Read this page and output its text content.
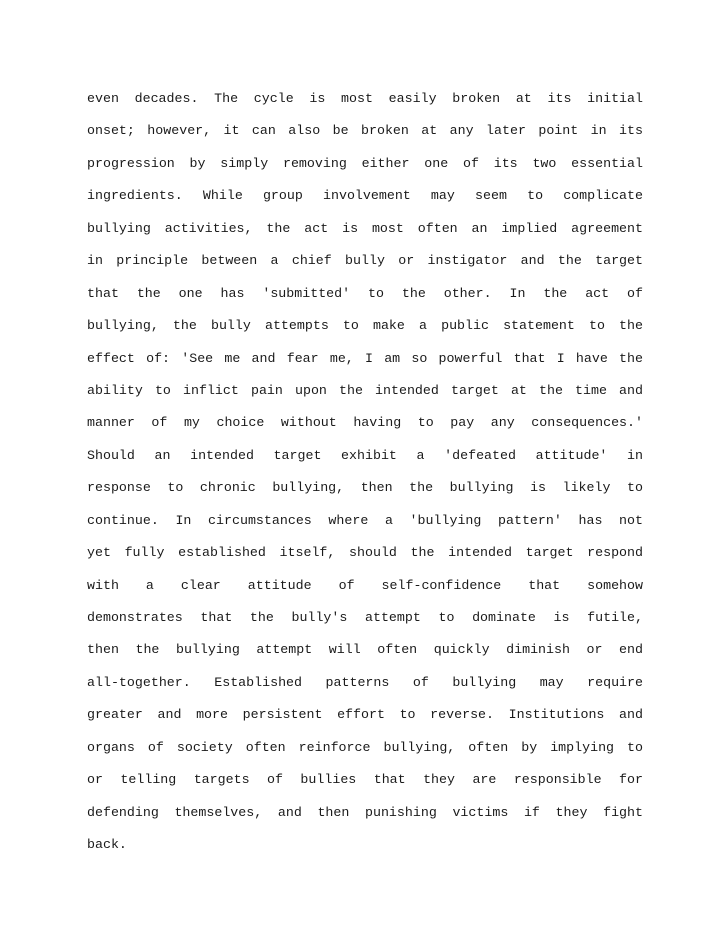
even decades. The cycle is most easily broken at its initial
onset; however, it can also be broken at any later point in its
progression by simply removing either one of its two essential
ingredients. While group involvement may seem to complicate
bullying activities, the act is most often an implied agreement
in principle between a chief bully or instigator and the target
that the one has 'submitted' to the other. In the act of
bullying, the bully attempts to make a public statement to the
effect of: 'See me and fear me, I am so powerful that I have the
ability to inflict pain upon the intended target at the time and
manner of my choice without having to pay any consequences.'
Should an intended target exhibit a 'defeated attitude' in
response to chronic bullying, then the bullying is likely to
continue. In circumstances where a 'bullying pattern' has not
yet fully established itself, should the intended target respond
with a clear attitude of self-confidence that somehow
demonstrates that the bully's attempt to dominate is futile,
then the bullying attempt will often quickly diminish or end
all-together. Established patterns of bullying may require
greater and more persistent effort to reverse. Institutions and
organs of society often reinforce bullying, often by implying to
or telling targets of bullies that they are responsible for
defending themselves, and then punishing victims if they fight
back.
